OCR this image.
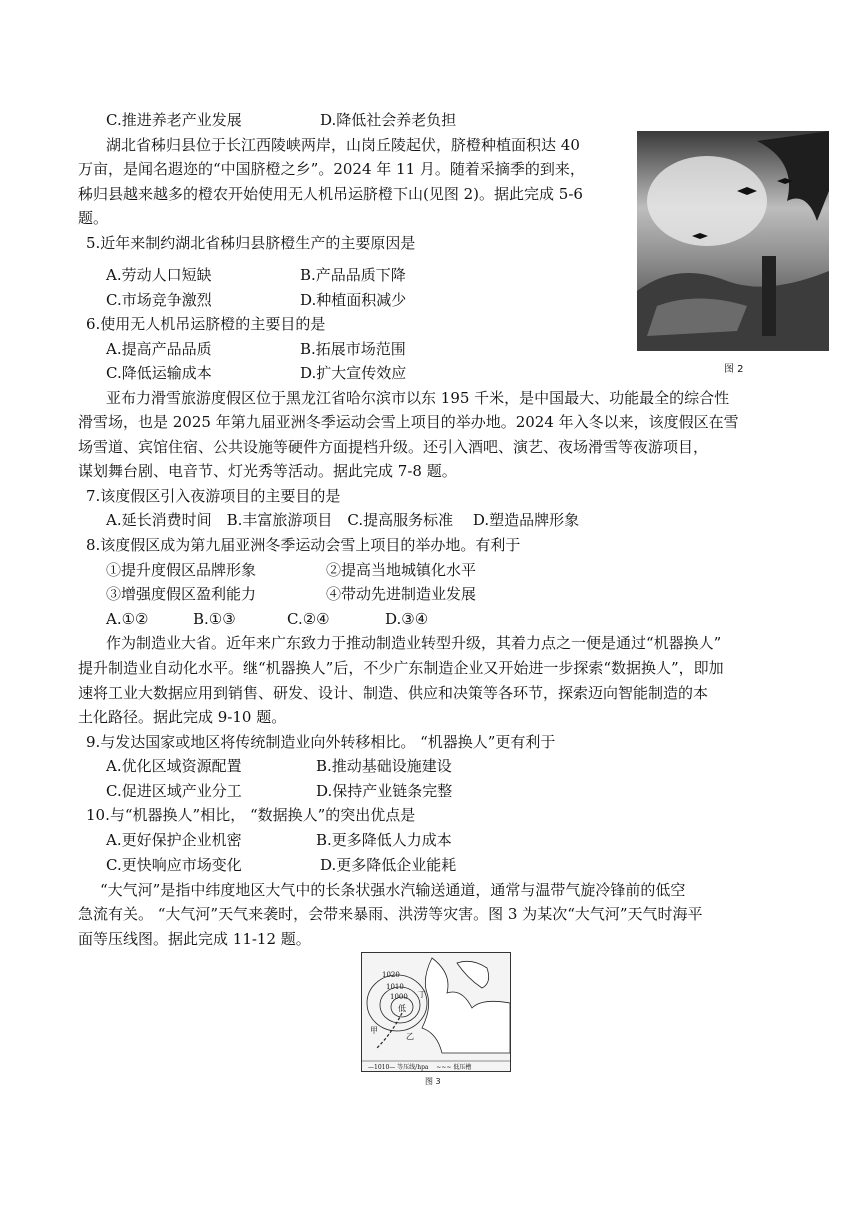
C.推进养老产业发展	D.降低社会养老负担
湖北省秭归县位于长江西陵峡两岸，山岗丘陵起伏，脐橙种植面积达 40
万亩，是闻名遐迩的“中国脐橙之乡”。2024 年 11 月。随着采摘季的到来，
秭归县越来越多的橙农开始使用无人机吊运脐橙下山(见图 2)。据此完成 5-6
题。
图 2
5.近年来制约湖北省秭归县脐橙生产的主要原因是
A.劳动人口短缺	B.产品品质下降
C.市场竞争激烈	D.种植面积减少
6.使用无人机吊运脐橙的主要目的是
A.提高产品品质	B.拓展市场范围
C.降低运输成本	D.扩大宣传效应
亚布力滑雪旅游度假区位于黑龙江省哈尔滨市以东 195 千米，是中国最大、功能最全的综合性
滑雪场，也是 2025 年第九届亚洲冬季运动会雪上项目的举办地。2024 年入冬以来，该度假区在雪
场雪道、宾馆住宿、公共设施等硬件方面提档升级。还引入酒吧、演艺、夜场滑雪等夜游项目，
谋划舞台剧、电音节、灯光秀等活动。据此完成 7-8 题。
7.该度假区引入夜游项目的主要目的是
A.延长消费时间　B.丰富旅游项目　C.提高服务标准　 D.塑造品牌形象
8.该度假区成为第九届亚洲冬季运动会雪上项目的举办地。有利于
①提升度假区品牌形象	②提高当地城镇化水平
③增强度假区盈利能力	④带动先进制造业发展
A.①②	B.①③	C.②④	D.③④
作为制造业大省。近年来广东致力于推动制造业转型升级，其着力点之一便是通过“机器换人”
提升制造业自动化水平。继“机器换人”后，不少广东制造企业又开始进一步探索“数据换人”，即加
速将工业大数据应用到销售、研发、设计、制造、供应和决策等各环节，探索迈向智能制造的本
土化路径。据此完成 9-10 题。
9.与发达国家或地区将传统制造业向外转移相比。 “机器换人”更有利于
A.优化区域资源配置	B.推动基础设施建设
C.促进区域产业分工	D.保持产业链条完整
10.与“机器换人”相比， “数据换人”的突出优点是
A.更好保护企业机密	B.更多降低人力成本
C.更快响应市场变化	D.更多降低企业能耗
“大气河”是指中纬度地区大气中的长条状强水汽输送通道，通常与温带气旋冷锋前的低空
急流有关。 “大气河”天气来袭时，会带来暴雨、洪涝等灾害。图 3 为某次“大气河”天气时海平
面等压线图。据此完成 11-12 题。
1020
1010
1000
低
甲
乙
丁
—1010— 等压线/hpa　 ~~~ 低压槽
图 3
